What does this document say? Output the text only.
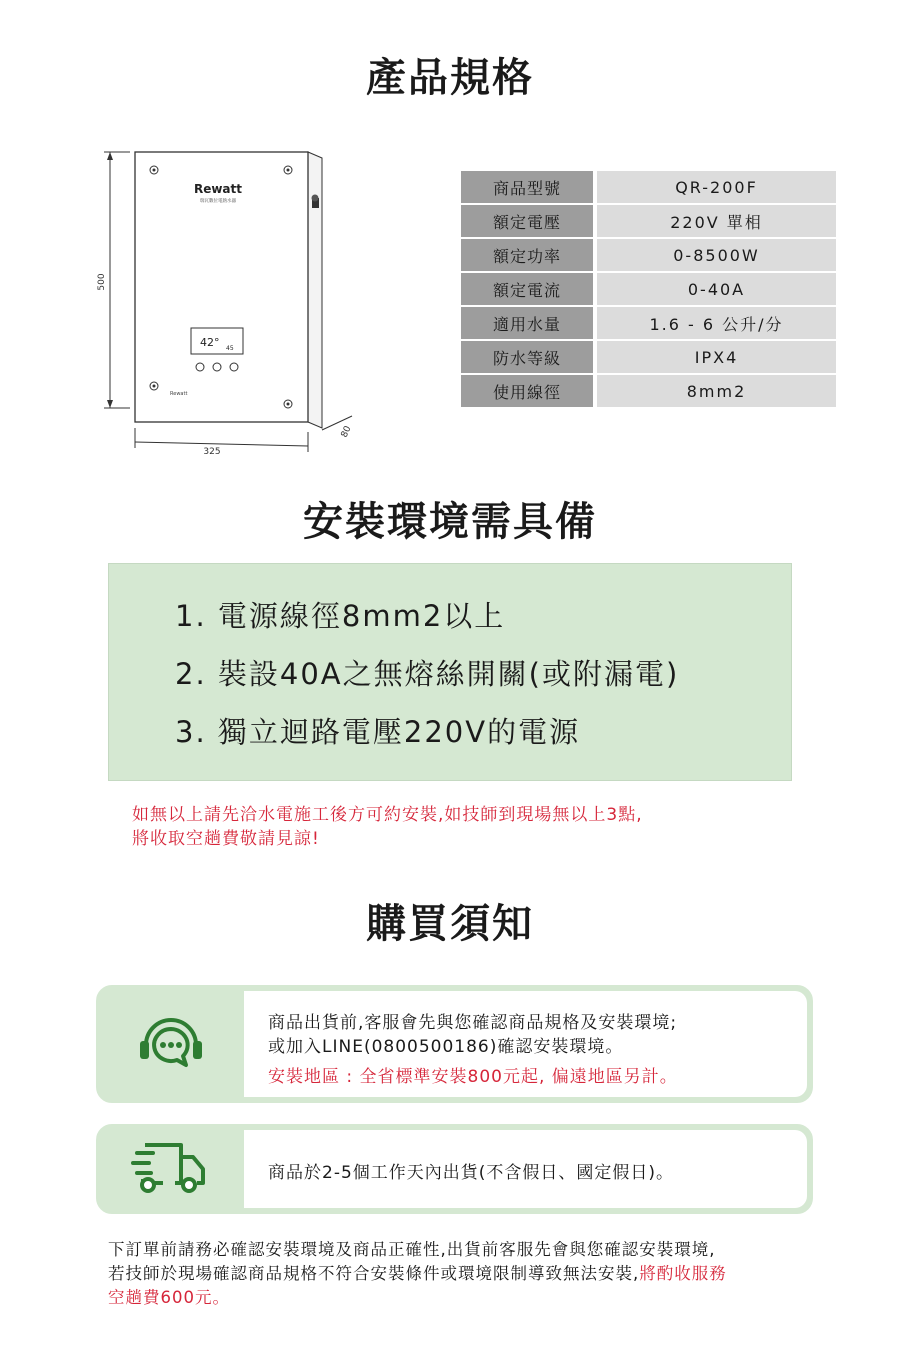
產品規格
500
Rewatt
瑞瓦數位電熱水器
42° 45
Rewatt
325
80
商品型號	QR-200F
額定電壓	220V 單相
額定功率	0-8500W
額定電流	0-40A
適用水量	1.6 - 6 公升/分
防水等級	IPX4
使用線徑	8mm2
安裝環境需具備
1. 電源線徑8mm2以上
2. 裝設40A之無熔絲開關(或附漏電)
3. 獨立迴路電壓220V的電源
如無以上請先洽水電施工後方可約安裝,如技師到現場無以上3點,
將收取空趟費敬請見諒!
購買須知
商品出貨前,客服會先與您確認商品規格及安裝環境;
或加入LINE(0800500186)確認安裝環境。
安裝地區 : 全省標準安裝800元起, 偏遠地區另計。
商品於2-5個工作天內出貨(不含假日、國定假日)。
下訂單前請務必確認安裝環境及商品正確性,出貨前客服先會與您確認安裝環境,
若技師於現場確認商品規格不符合安裝條件或環境限制導致無法安裝,將酌收服務
空趟費600元。
